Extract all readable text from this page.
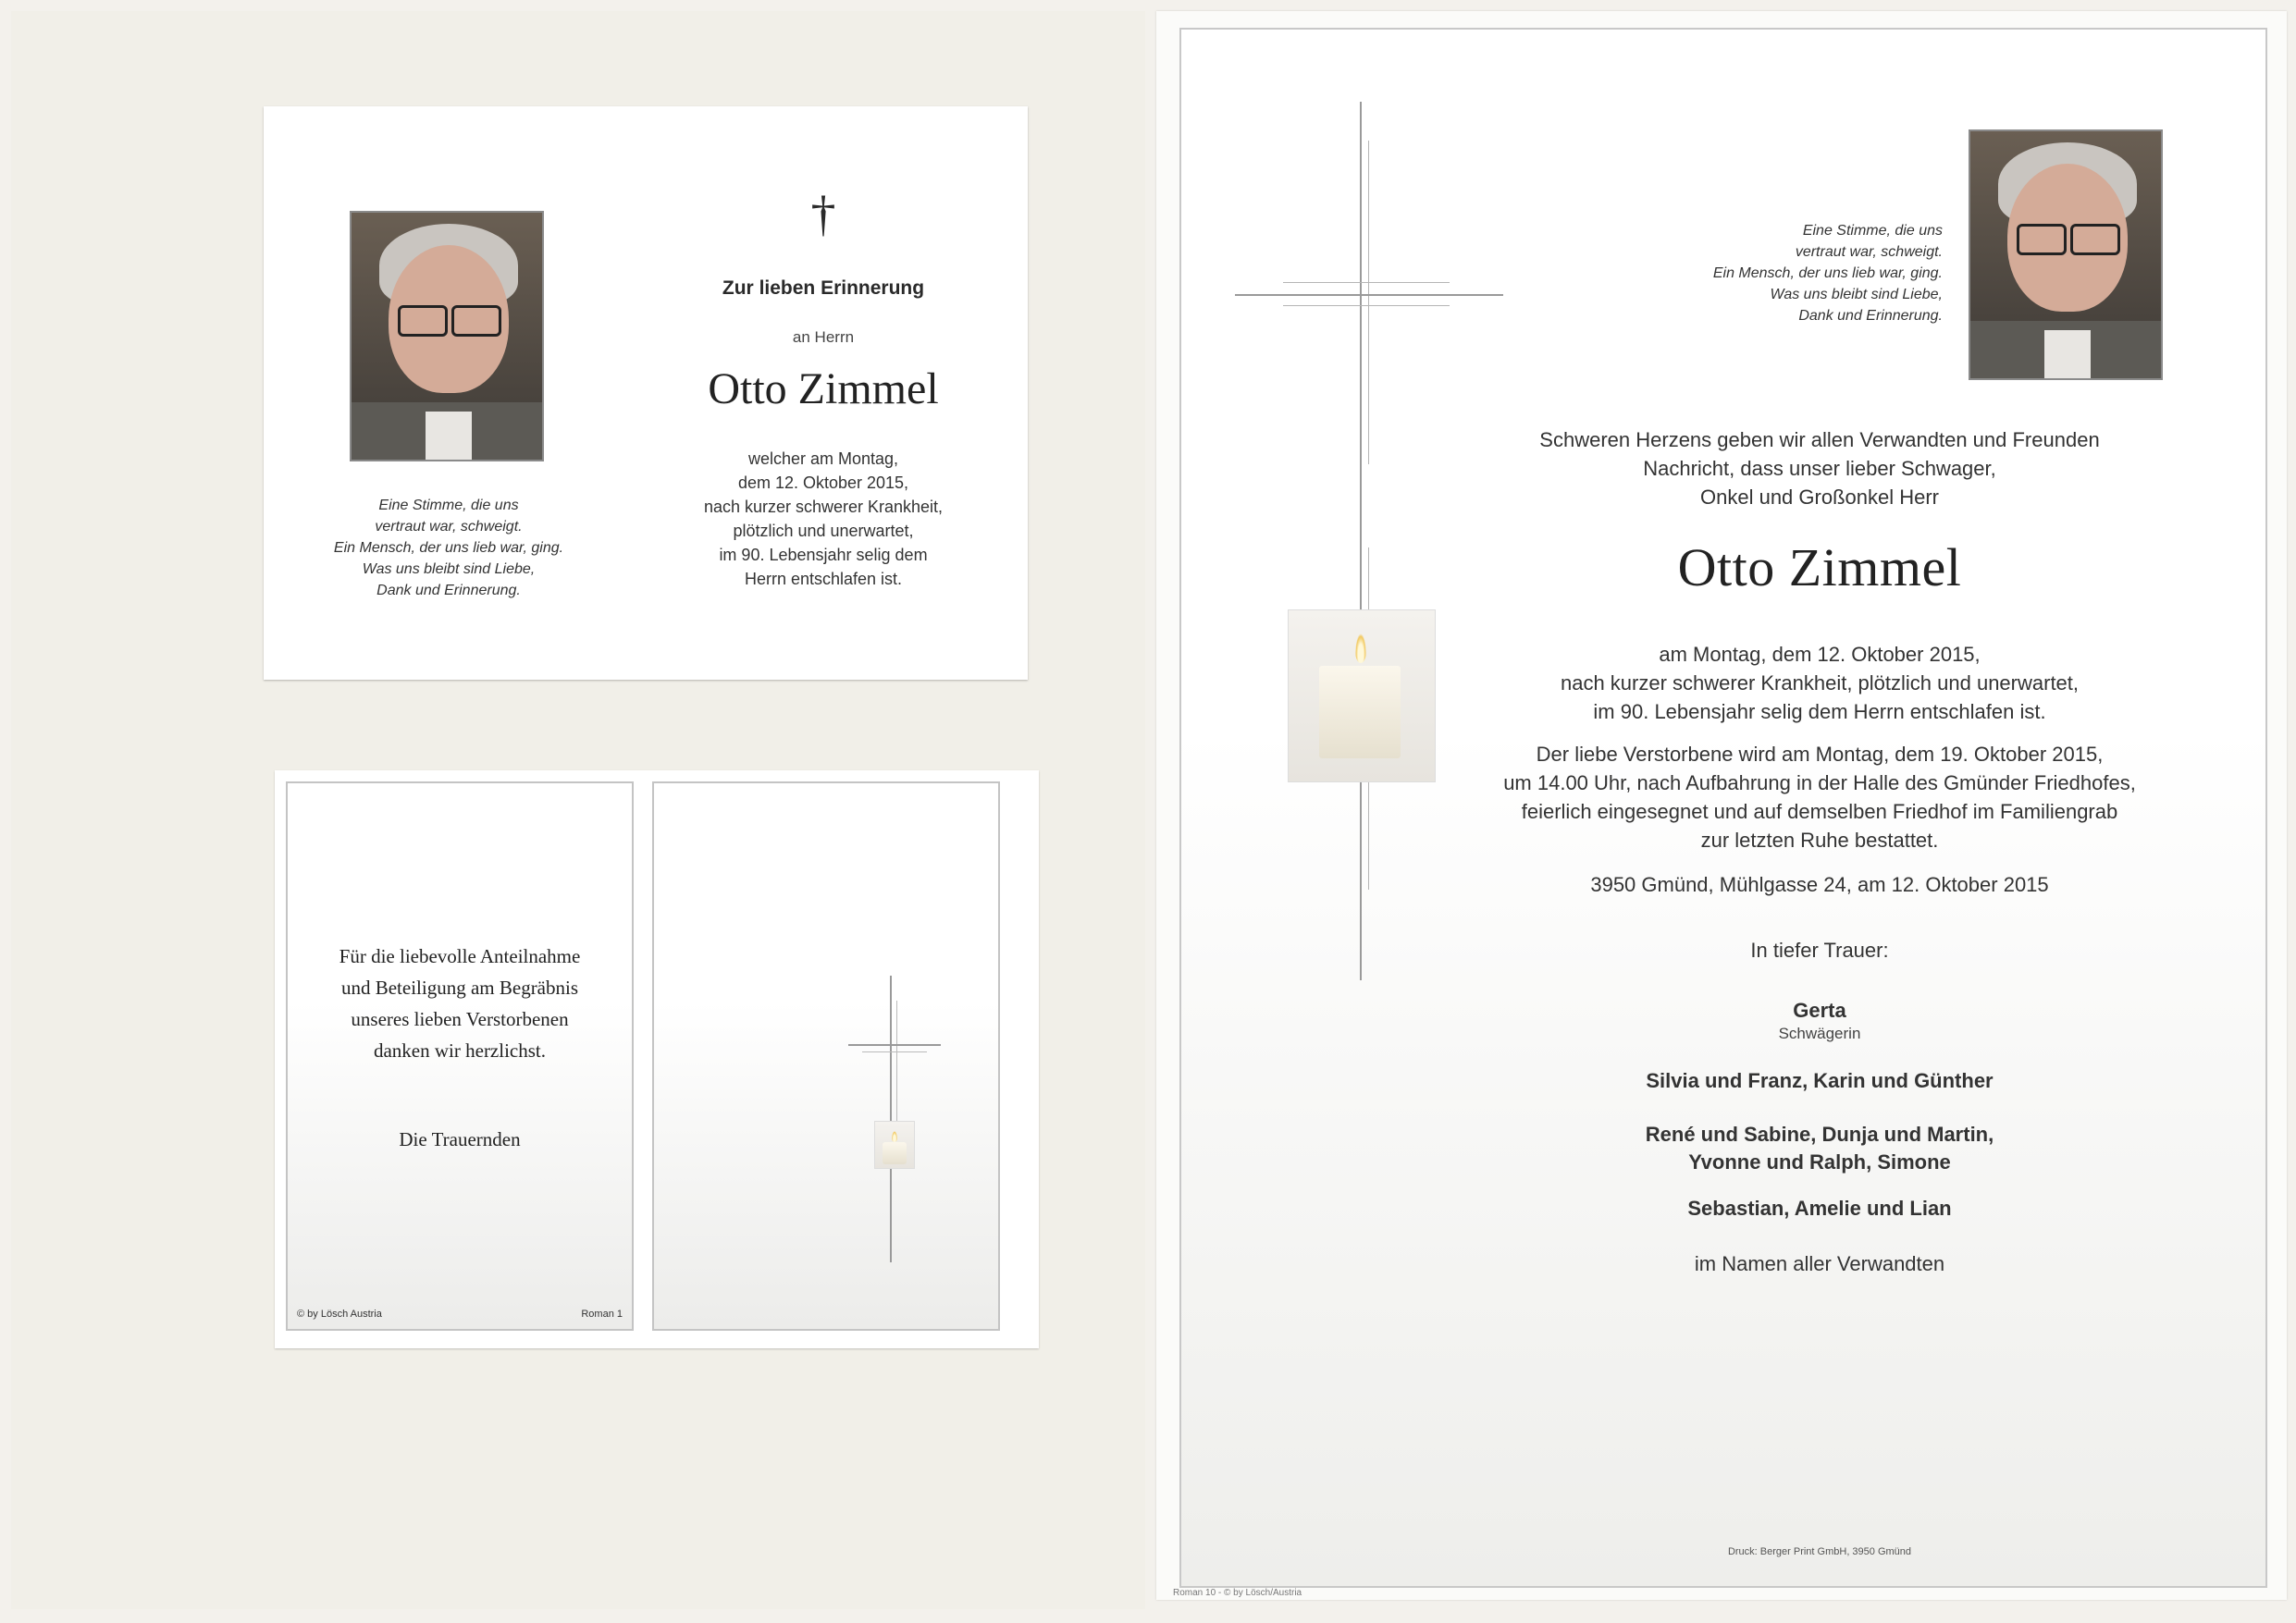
Eine Stimme, die uns
vertraut war, schweigt.
Ein Mensch, der uns lieb war, ging.
Was uns bleibt sind Liebe,
Dank und Erinnerung.
†
Zur lieben Erinnerung
an Herrn
Otto Zimmel
welcher am Montag,
dem 12. Oktober 2015,
nach kurzer schwerer Krankheit,
plötzlich und unerwartet,
im 90. Lebensjahr selig dem
Herrn entschlafen ist.
Für die liebevolle Anteilnahme
und Beteiligung am Begräbnis
unseres lieben Verstorbenen
danken wir herzlichst.
Die Trauernden
© by Lösch Austria	Roman 1
Eine Stimme, die uns
vertraut war, schweigt.
Ein Mensch, der uns lieb war, ging.
Was uns bleibt sind Liebe,
Dank und Erinnerung.
Schweren Herzens geben wir allen Verwandten und Freunden
Nachricht, dass unser lieber Schwager,
Onkel und Großonkel Herr
Otto Zimmel
am Montag, dem 12. Oktober 2015,
nach kurzer schwerer Krankheit, plötzlich und unerwartet,
im 90. Lebensjahr selig dem Herrn entschlafen ist.
Der liebe Verstorbene wird am Montag, dem 19. Oktober 2015,
um 14.00 Uhr, nach Aufbahrung in der Halle des Gmünder Friedhofes,
feierlich eingesegnet und auf demselben Friedhof im Familiengrab
zur letzten Ruhe bestattet.
3950 Gmünd, Mühlgasse 24, am 12. Oktober 2015
In tiefer Trauer:
Gerta
Schwägerin
Silvia und Franz, Karin und Günther
René und Sabine, Dunja und Martin,
Yvonne und Ralph, Simone
Sebastian, Amelie und Lian
im Namen aller Verwandten
Druck: Berger Print GmbH, 3950 Gmünd
Roman 10 - © by Lösch/Austria
